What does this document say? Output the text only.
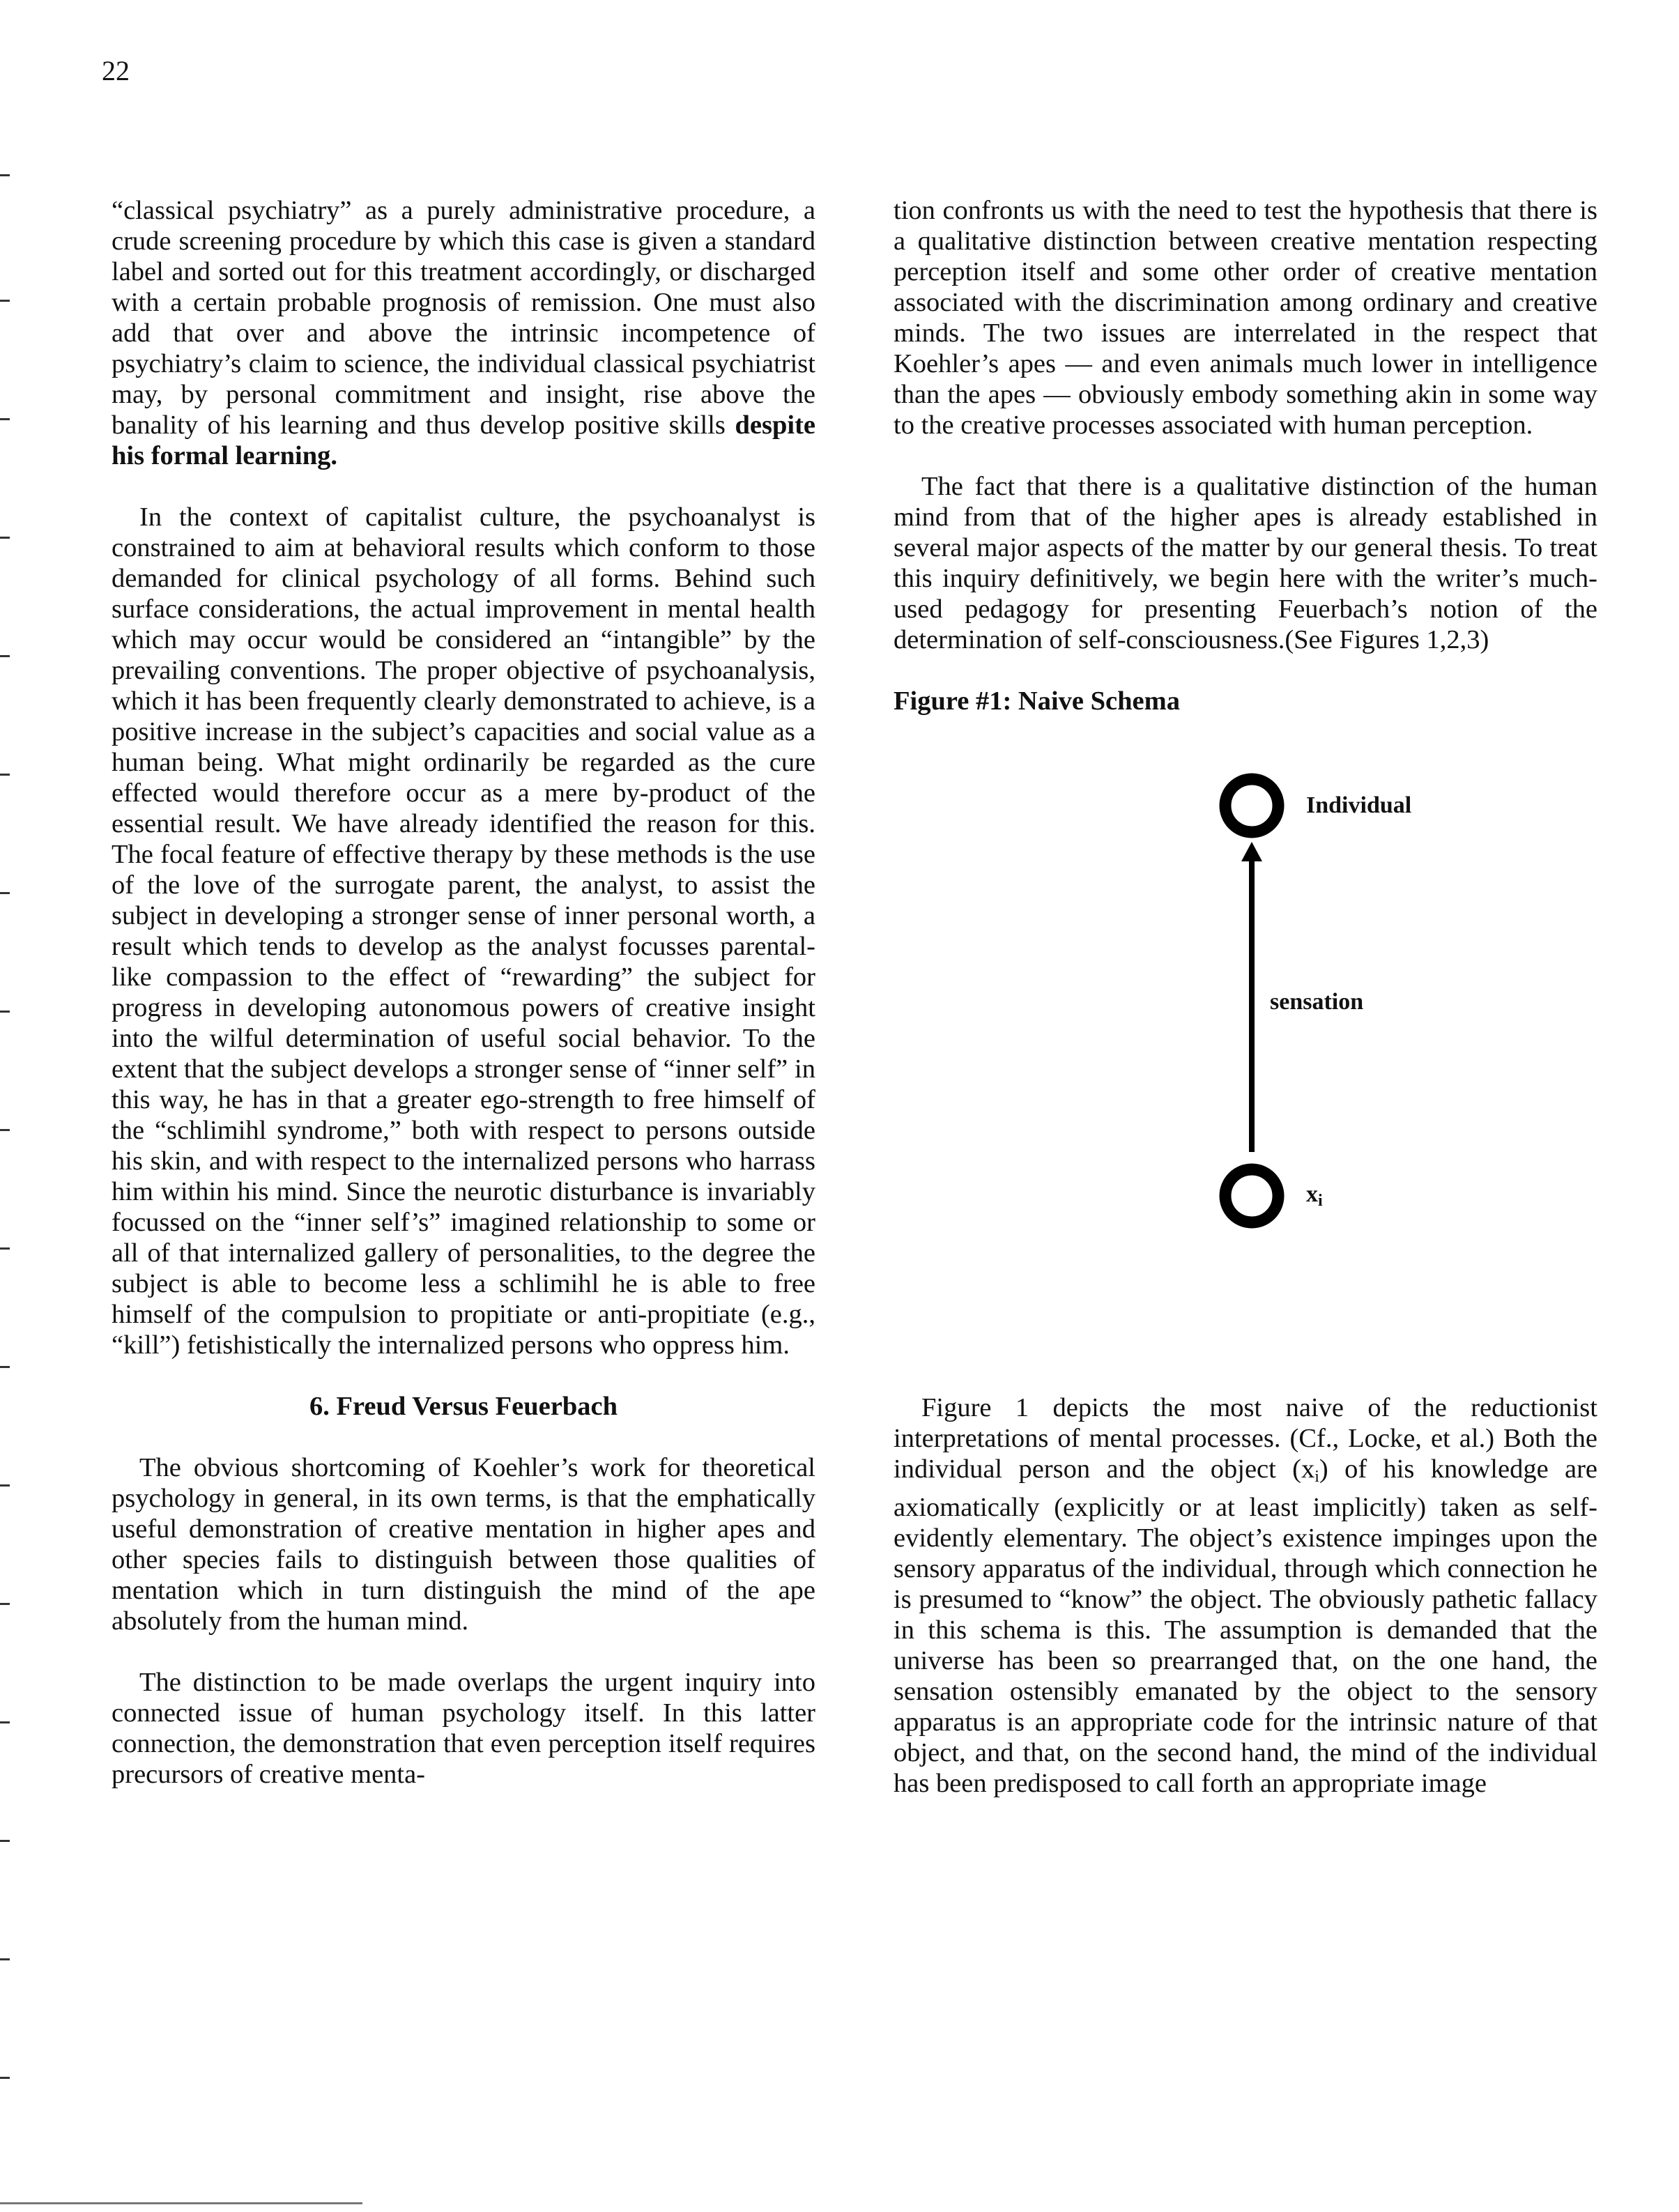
22

“classical psychiatry” as a purely administrative procedure, a crude screening procedure by which this case is given a standard label and sorted out for this treatment accordingly, or discharged with a certain probable prognosis of remission. One must also add that over and above the intrinsic incompetence of psychiatry’s claim to science, the individual classical psychiatrist may, by personal commitment and insight, rise above the banality of his learning and thus develop positive skills despite his formal learning.

In the context of capitalist culture, the psychoanalyst is constrained to aim at behavioral results which conform to those demanded for clinical psychology of all forms. Behind such surface considerations, the actual improvement in mental health which may occur would be considered an “intangible” by the prevailing conventions. The proper objective of psychoanalysis, which it has been frequently clearly demonstrated to achieve, is a positive increase in the subject’s capacities and social value as a human being. What might ordinarily be regarded as the cure effected would therefore occur as a mere by-product of the essential result. We have already identified the reason for this. The focal feature of effective therapy by these methods is the use of the love of the surrogate parent, the analyst, to assist the subject in developing a stronger sense of inner personal worth, a result which tends to develop as the analyst focusses parental-like compassion to the effect of “rewarding” the subject for progress in developing autonomous powers of creative insight into the wilful determination of useful social behavior. To the extent that the subject develops a stronger sense of “inner self” in this way, he has in that a greater ego-strength to free himself of the “schlimihl syndrome,” both with respect to persons outside his skin, and with respect to the internalized persons who harrass him within his mind. Since the neurotic disturbance is invariably focussed on the “inner self’s” imagined relationship to some or all of that internalized gallery of personalities, to the degree the subject is able to become less a schlimihl he is able to free himself of the compulsion to propitiate or anti-propitiate (e.g., “kill”) fetishistically the internalized persons who oppress him.

6. Freud Versus Feuerbach

The obvious shortcoming of Koehler’s work for theoretical psychology in general, in its own terms, is that the emphatically useful demonstration of creative mentation in higher apes and other species fails to distinguish between those qualities of mentation which in turn distinguish the mind of the ape absolutely from the human mind.

The distinction to be made overlaps the urgent inquiry into connected issue of human psychology itself. In this latter connection, the demonstration that even perception itself requires precursors of creative menta-

tion confronts us with the need to test the hypothesis that there is a qualitative distinction between creative mentation respecting perception itself and some other order of creative mentation associated with the discrimination among ordinary and creative minds. The two issues are interrelated in the respect that Koehler’s apes — and even animals much lower in intelligence than the apes — obviously embody something akin in some way to the creative processes associated with human perception.

The fact that there is a qualitative distinction of the human mind from that of the higher apes is already established in several major aspects of the matter by our general thesis. To treat this inquiry definitively, we begin here with the writer’s much-used pedagogy for presenting Feuerbach’s notion of the determination of self-consciousness.(See Figures 1,2,3)

Figure #1: Naive Schema

Individual
sensation
$x_i$

Figure 1 depicts the most naive of the reductionist interpretations of mental processes. (Cf., Locke, et al.) Both the individual person and the object $(x_i)$ of his knowledge are axiomatically (explicitly or at least implicitly) taken as self-evidently elementary. The object’s existence impinges upon the sensory apparatus of the individual, through which connection he is presumed to “know” the object. The obviously pathetic fallacy in this schema is this. The assumption is demanded that the universe has been so prearranged that, on the one hand, the sensation ostensibly emanated by the object to the sensory apparatus is an appropriate code for the intrinsic nature of that object, and that, on the second hand, the mind of the individual has been predisposed to call forth an appropriate image
